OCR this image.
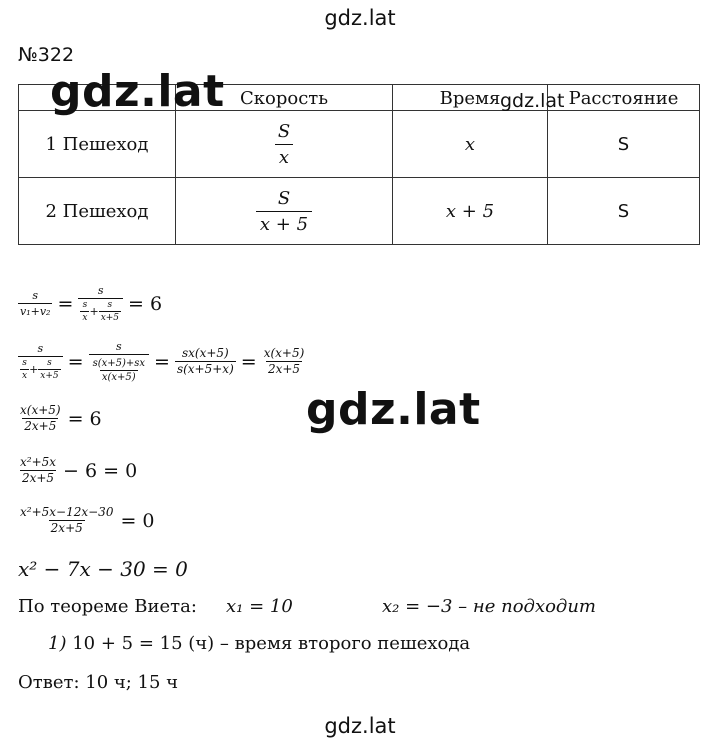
gdz.lat
№322
	Скорость	Время	Расстояние
1 Пешеход	$\frac{S}{x}$	x	S
2 Пешеход	$\frac{S}{x + 5}$	x + 5	S
gdz.lat	gdz.lat
$\frac{s}{\text{v₁+v₂}} = \frac{s}{\frac{s}{x} + \frac{s}{x+5}} = 6$
$\frac{s}{\frac{s}{x} + \frac{s}{x+5}}$ =
s
$\frac{s(x+5)+sx}{x(x+5)} = \frac{sx(x+5)}{s(x+5+x)} = \frac{x(x+5)}{2x+5}$
gdz.lat
$\frac{x(x+5)}{2x+5} = 6$
$\frac{\text{x²+5x}}{2x+5} - 6 = 0$
$\frac{\text{x²+5x−12x−30}}{2x+5} = 0$
x² − 7x − 30 = 0
По теореме Виета: x₁ = 10	x₂ = −3 – не подходит
1) 10 + 5 = 15 (ч) – время второго пешехода
Ответ: 10 ч; 15 ч
gdz.lat
